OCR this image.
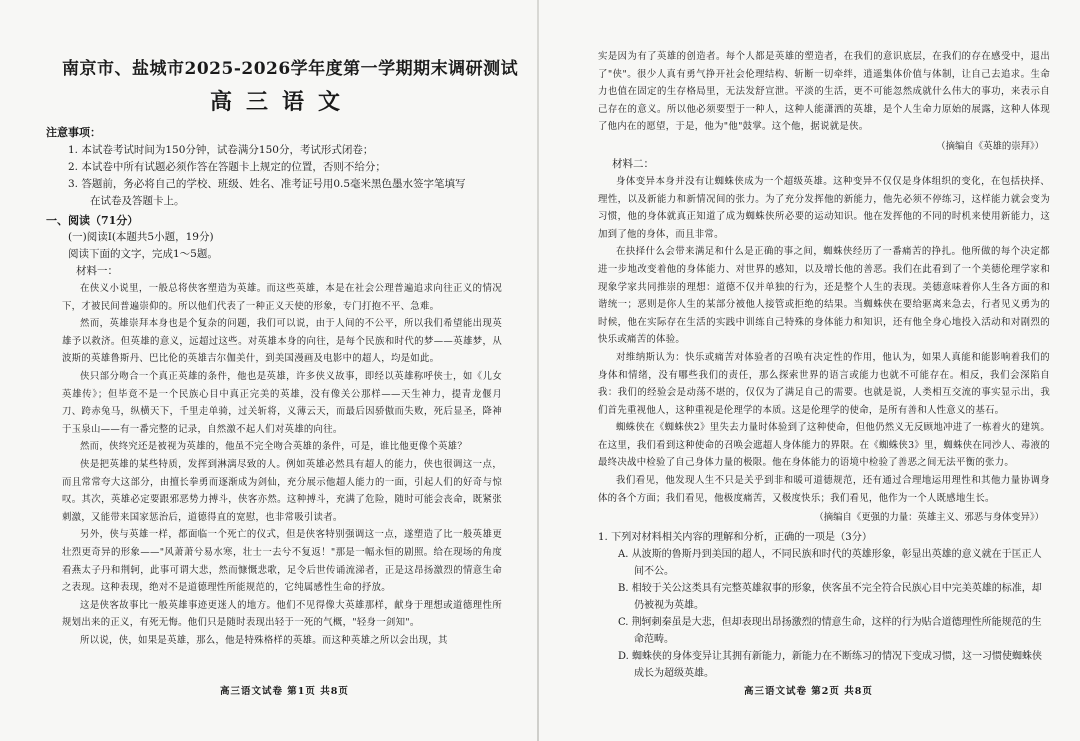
南京市、盐城市2025-2026学年度第一学期期末调研测试
高三语文
注意事项：

1. 本试卷考试时间为150分钟，试卷满分150分，考试形式闭卷；

2. 本试卷中所有试题必须作答在答题卡上规定的位置，否则不给分；

3. 答题前，务必将自己的学校、班级、姓名、准考证号用0.5毫米黑色墨水签字笔填写

在试卷及答题卡上。

一、阅读（71分）

(一)阅读Ⅰ(本题共5小题，19分)

阅读下面的文字，完成1～5题。

材料一：

在侠义小说里，一般总将侠客塑造为英雄。而这些英雄，本是在社会公理普遍追求向往正义的情况下，才被民间普遍崇仰的。所以他们代表了一种正义天使的形象，专门打抱不平、急难。

然而，英雄崇拜本身也是个复杂的问题，我们可以说，由于人间的不公平，所以我们希望能出现英雄予以救济。但英雄的意义，远超过这些。对英雄本身的向往，是每个民族和时代的梦——英雄梦，从波斯的英雄鲁斯丹、巴比伦的英雄吉尔伽美什，到美国漫画及电影中的超人，均是如此。

侠只部分吻合一个真正英雄的条件，他也是英雄，许多侠义故事，即经以英雄称呼侠士，如《儿女英雄传》；但毕竟不是一个民族心目中真正完美的英雄，没有像关公那样——天生神力，提青龙偃月刀、跨赤兔马，纵横天下，千里走单骑，过关斩将，义薄云天，而最后因骄傲而失败，死后显圣，降神于玉泉山——有一番完整的记录，自然激不起人们对英雄的向往。

然而，侠终究还是被视为英雄的，他虽不完全吻合英雄的条件，可是，谁比他更像个英雄？

侠是把英雄的某些特质，发挥到淋漓尽致的人。例如英雄必然具有超人的能力，侠也很调这一点，而且常常夸大这部分，由擅长拳勇而逐渐成为剑仙，充分展示他超人能力的一面，引起人们的好奇与惊叹。其次，英雄必定要跟邪恶势力搏斗，侠客亦然。这种搏斗，充满了危险，随时可能会丧命，既紧张刺激，又能带来国家惩治后，道德得直的宽慰，也非常吸引读者。

另外，侠与英雄一样，都面临一个死亡的仪式，但是侠客特别强调这一点，遂塑造了比一般英雄更壮烈更奇异的形象——"风萧萧兮易水寒，壮士一去兮不复返！"那是一幅永恒的剧照。给在现场的角度看燕太子丹和荆轲，此事可谓大悲，然而慷慨悲歌，足令后世传诵流涕者，正是这昂扬激烈的情意生命之表现。这种表现，绝对不是道德理性所能规范的，它纯属感性生命的抒放。

这是侠客故事比一般英雄事迹更迷人的地方。他们不见得像大英雄那样，献身于理想或道德理性所规划出来的正义，有死无悔。他们只是随时表现出轻于一死的气概，"轻身一剑知"。

所以说，侠，如果是英雄，那么，他是特殊格样的英雄。而这种英雄之所以会出现，其

高三语文试卷 第1页 共8页

实是因为有了英雄的创造者。每个人都是英雄的塑造者，在我们的意识底层，在我们的存在感受中，退出了"侠"。很少人真有勇气挣开社会伦理结构、斩断一切牵绊，逍遥集体价值与体制，让自己去追求。生命力也值在固定的生存格局里，无法发舒宣泄。平淡的生活，更不可能忽然成就什么伟大的事功，来表示自己存在的意义。所以他必须要型于一种人，这种人能潇洒的英雄，是个人生命力原始的展露，这种人体现了他内在的愿望，于是，他为"他"鼓掌。这个他，据说就是侠。

（摘编自《英雄的崇拜》）

材料二：

身体变异本身并没有让蜘蛛侠成为一个超级英雄。这种变异不仅仅是身体组织的变化，在包括抉择、理性，以及新能力和新情况间的张力。为了充分发挥他的新能力，他先必须不停练习，这样能力就会变为习惯，他的身体就真正知道了成为蜘蛛侠所必要的运动知识。他在发挥他的不同的时机来使用新能力，这加到了他的身体，而且非常。

在抉择什么会带来满足和什么是正确的事之间，蜘蛛侠经历了一番痛苦的挣扎。他所做的每个决定都进一步地改变着他的身体能力、对世界的感知，以及增长他的善恶。我们在此看到了一个美德伦理学家和现象学家共同推崇的理想：道德不仅并单独的行为，还是整个人生的表现。美德意味着你人生各方面的和谐统一；恶则是你人生的某部分被他人接管或拒绝的结果。当蜘蛛侠在要给驱离来急去，行者见义勇为的时候，他在实际存在生活的实践中训练自己特殊的身体能力和知识，还有他全身心地投入活动和对剧烈的快乐或痛苦的体验。

对维纳斯认为：快乐或痛苦对体验者的召唤有决定性的作用，他认为，如果人真能和能影响着我们的身体和情绪，没有哪些我们的责任，那么探索世界的语言或能力也就不可能存在。相反，我们会深陷自我：我们的经验会是动荡不堪的，仅仅为了满足自己的需要。也就是说，人类相互交流的事实显示出，我们首先重视他人，这种重视是伦理学的本质。这是伦理学的使命，是所有善和人性意义的基石。

蜘蛛侠在《蜘蛛侠2》里失去力量时体验到了这种使命，但他仍然义无反顾地冲进了一栋着火的建筑。在这里，我们看到这种使命的召唤会遮超人身体能力的界限。在《蜘蛛侠3》里，蜘蛛侠在同沙人、毒液的最终决战中检验了自己身体力量的极限。他在身体能力的语境中检验了善恶之间无法平衡的张力。

我们看见，他发现人生不只是关乎到非和暖可道德规范，还有通过合理地运用理性和其他力量协调身体的各个方面；我们看见，他极度痛苦，又极度快乐；我们看见，他作为一个人既感地生长。

（摘编自《更强的力量：英雄主义、邪恶与身体变异》）

1. 下列对材料相关内容的理解和分析，正确的一项是（3分）

A. 从波斯的鲁斯丹到美国的超人，不同民族和时代的英雄形象，彰显出英雄的意义就在于匡正人间不公。

B. 相较于关公这类具有完整英雄叙事的形象，侠客虽不完全符合民族心目中完美英雄的标准，却仍被视为英雄。

C. 荆轲刺秦虽是大悲，但却表现出昂扬激烈的情意生命，这样的行为贴合道德理性所能规范的生命范畴。

D. 蜘蛛侠的身体变异让其拥有新能力，新能力在不断练习的情况下变成习惯，这一习惯使蜘蛛侠成长为超级英雄。

高三语文试卷 第2页 共8页
